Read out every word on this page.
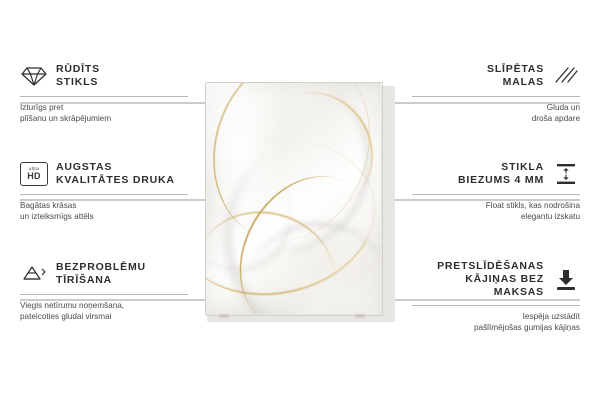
RŪDĪTS
STIKLS
Izturīgs pret
plīšanu un skrāpējumiem
ultra
HD
AUGSTAS
KVALITĀTES DRUKA
Bagātas krāsas
un izteiksmīgs attēls
BEZPROBLĒMU
TĪRĪŠANA
Viegls netīrumu noņemšana,
pateicoties gludai virsmai
SLĪPĒTAS
MALAS
Gluda un
droša apdare
STIKLA
BIEZUMS 4 MM
Float stikls, kas nodrošina
elegantu izskatu
PRETSLĪDĒŠANAS
KĀJIŅAS BEZ MAKSAS
Iespēja uzstādīt
pašlīmējošas gumijas kājiņas
